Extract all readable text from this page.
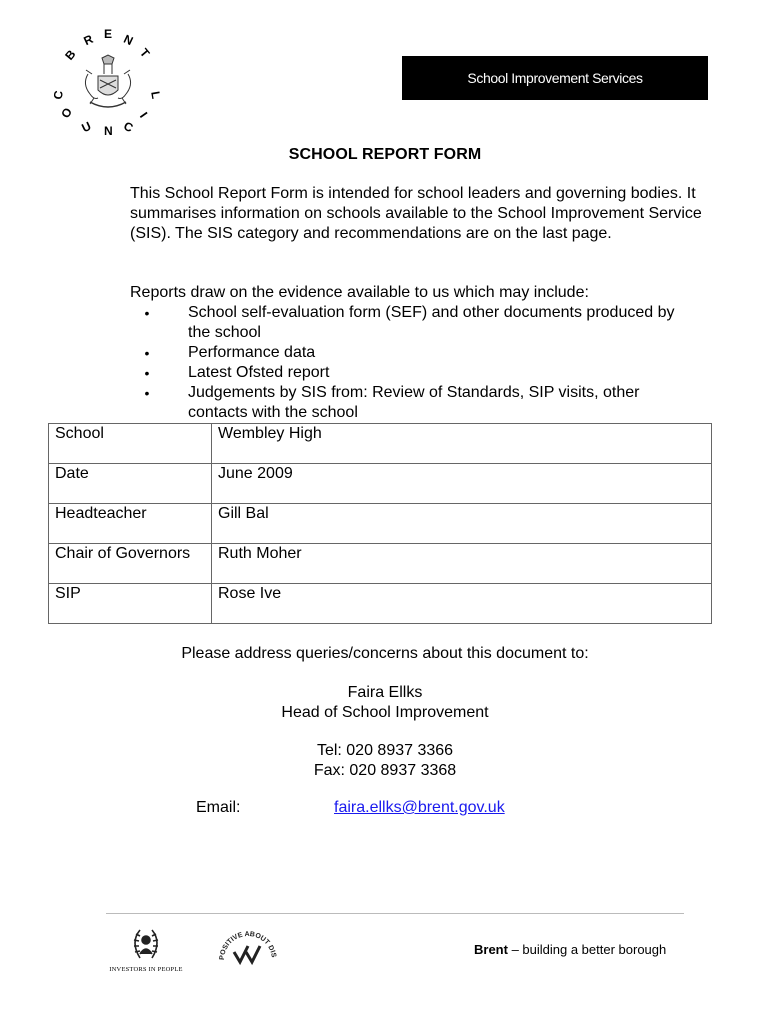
B
R E N
T
C
O
U N C
I
L
School Improvement Services
SCHOOL REPORT FORM
This School Report Form is intended for school leaders and governing bodies. It summarises information on schools available to the School Improvement Service (SIS). The SIS category and recommendations are on the last page.
Reports draw on the evidence available to us which may include:
• School self-evaluation form (SEF) and other documents produced by the school
• Performance data
• Latest Ofsted report
• Judgements by SIS from: Review of Standards, SIP visits, other contacts with the school
School	Wembley High
Date	June 2009
Headteacher	Gill Bal
Chair of Governors	Ruth Moher
SIP	Rose Ive
Please address queries/concerns about this document to:
Faira Ellks
Head of School Improvement
Tel: 020 8937 3366
Fax: 020 8937 3368
Email:	faira.ellks@brent.gov.uk
INVESTORS IN PEOPLE
POSITIVE ABOUT DIS	Brent – building a better borough
